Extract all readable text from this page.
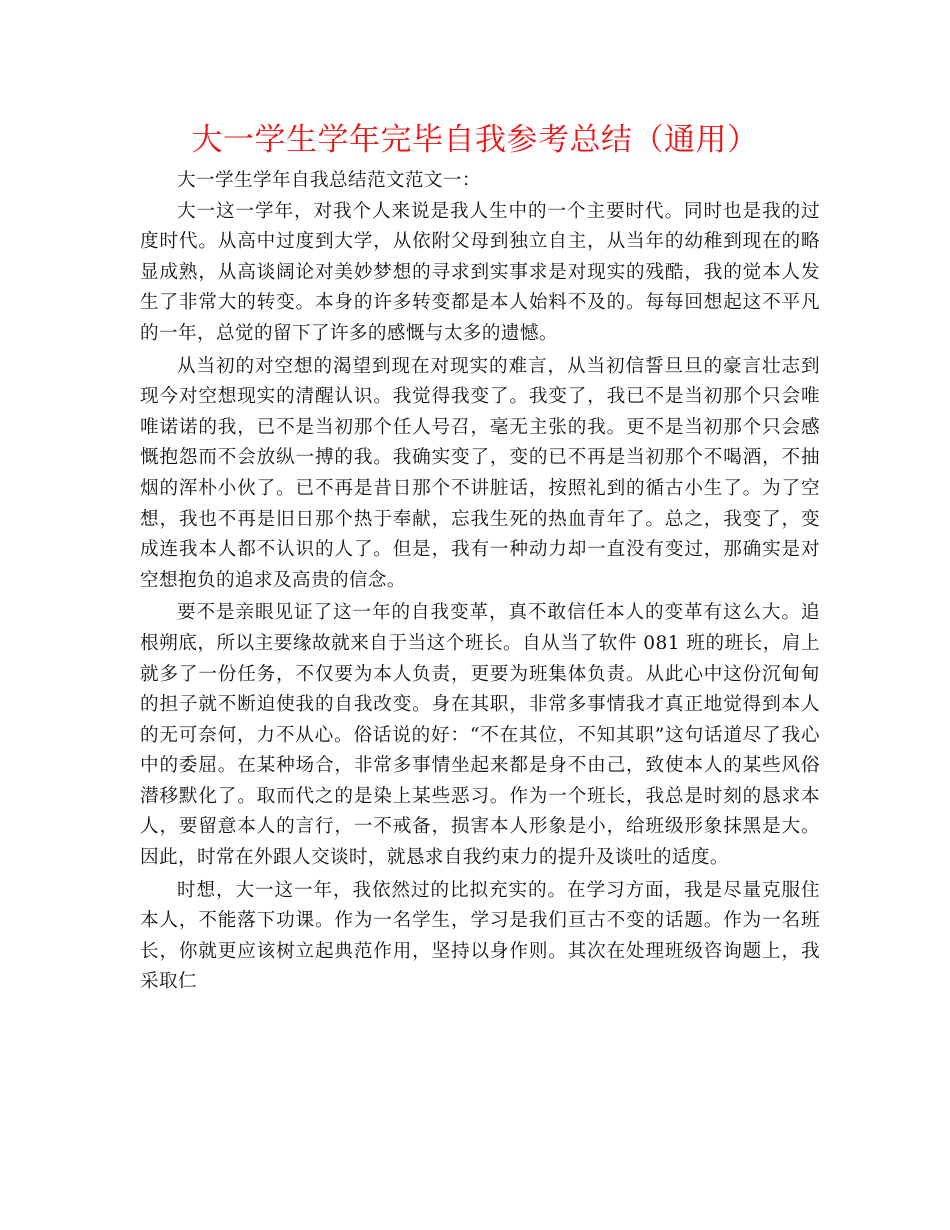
大一学生学年完毕自我参考总结（通用）

大一学生学年自我总结范文范文一：

大一这一学年，对我个人来说是我人生中的一个主要时代。同时也是我的过度时代。从高中过度到大学，从依附父母到独立自主，从当年的幼稚到现在的略显成熟，从高谈阔论对美妙梦想的寻求到实事求是对现实的残酷，我的觉本人发生了非常大的转变。本身的许多转变都是本人始料不及的。每每回想起这不平凡的一年，总觉的留下了许多的感慨与太多的遗憾。

从当初的对空想的渴望到现在对现实的难言，从当初信誓旦旦的豪言壮志到现今对空想现实的清醒认识。我觉得我变了。我变了，我已不是当初那个只会唯唯诺诺的我，已不是当初那个任人号召，毫无主张的我。更不是当初那个只会感慨抱怨而不会放纵一搏的我。我确实变了，变的已不再是当初那个不喝酒，不抽烟的浑朴小伙了。已不再是昔日那个不讲脏话，按照礼到的循古小生了。为了空想，我也不再是旧日那个热于奉献，忘我生死的热血青年了。总之，我变了，变成连我本人都不认识的人了。但是，我有一种动力却一直没有变过，那确实是对空想抱负的追求及高贵的信念。

要不是亲眼见证了这一年的自我变革，真不敢信任本人的变革有这么大。追根朔底，所以主要缘故就来自于当这个班长。自从当了软件 081 班的班长，肩上就多了一份任务，不仅要为本人负责，更要为班集体负责。从此心中这份沉甸甸的担子就不断迫使我的自我改变。身在其职，非常多事情我才真正地觉得到本人的无可奈何，力不从心。俗话说的好：“不在其位，不知其职”这句话道尽了我心中的委屈。在某种场合，非常多事情坐起来都是身不由己，致使本人的某些风俗潜移默化了。取而代之的是染上某些恶习。作为一个班长，我总是时刻的恳求本人，要留意本人的言行，一不戒备，损害本人形象是小，给班级形象抹黑是大。因此，时常在外跟人交谈时，就恳求自我约束力的提升及谈吐的适度。

时想，大一这一年，我依然过的比拟充实的。在学习方面，我是尽量克服住本人，不能落下功课。作为一名学生，学习是我们亘古不变的话题。作为一名班长，你就更应该树立起典范作用，坚持以身作则。其次在处理班级咨询题上，我采取仁
